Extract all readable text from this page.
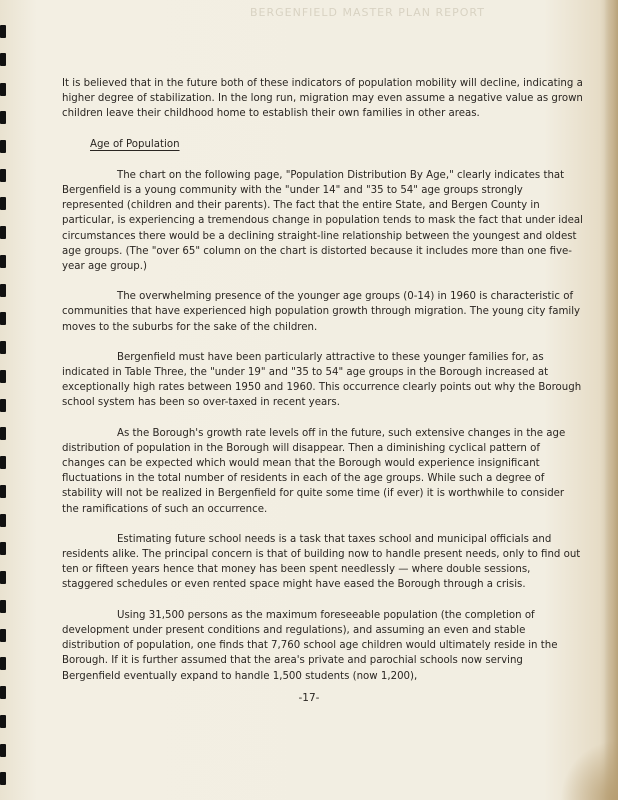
BERGENFIELD MASTER PLAN REPORT

It is believed that in the future both of these indicators of population mobility will decline, indicating a higher degree of stabilization. In the long run, migration may even assume a negative value as grown children leave their childhood home to establish their own families in other areas.

Age of Population

The chart on the following page, "Population Distribution By Age," clearly indicates that Bergenfield is a young community with the "under 14" and "35 to 54" age groups strongly represented (children and their parents). The fact that the entire State, and Bergen County in particular, is experiencing a tremendous change in population tends to mask the fact that under ideal circumstances there would be a declining straight-line relationship between the youngest and oldest age groups. (The "over 65" column on the chart is distorted because it includes more than one five-year age group.)

The overwhelming presence of the younger age groups (0-14) in 1960 is characteristic of communities that have experienced high population growth through migration. The young city family moves to the suburbs for the sake of the children.

Bergenfield must have been particularly attractive to these younger families for, as indicated in Table Three, the "under 19" and "35 to 54" age groups in the Borough increased at exceptionally high rates between 1950 and 1960. This occurrence clearly points out why the Borough school system has been so over-taxed in recent years.

As the Borough's growth rate levels off in the future, such extensive changes in the age distribution of population in the Borough will disappear. Then a diminishing cyclical pattern of changes can be expected which would mean that the Borough would experience insignificant fluctuations in the total number of residents in each of the age groups. While such a degree of stability will not be realized in Bergenfield for quite some time (if ever) it is worthwhile to consider the ramifications of such an occurrence.

Estimating future school needs is a task that taxes school and municipal officials and residents alike. The principal concern is that of building now to handle present needs, only to find out ten or fifteen years hence that money has been spent needlessly — where double sessions, staggered schedules or even rented space might have eased the Borough through a crisis.

Using 31,500 persons as the maximum foreseeable population (the completion of development under present conditions and regulations), and assuming an even and stable distribution of population, one finds that 7,760 school age children would ultimately reside in the Borough. If it is further assumed that the area's private and parochial schools now serving Bergenfield eventually expand to handle 1,500 students (now 1,200),

-17-
